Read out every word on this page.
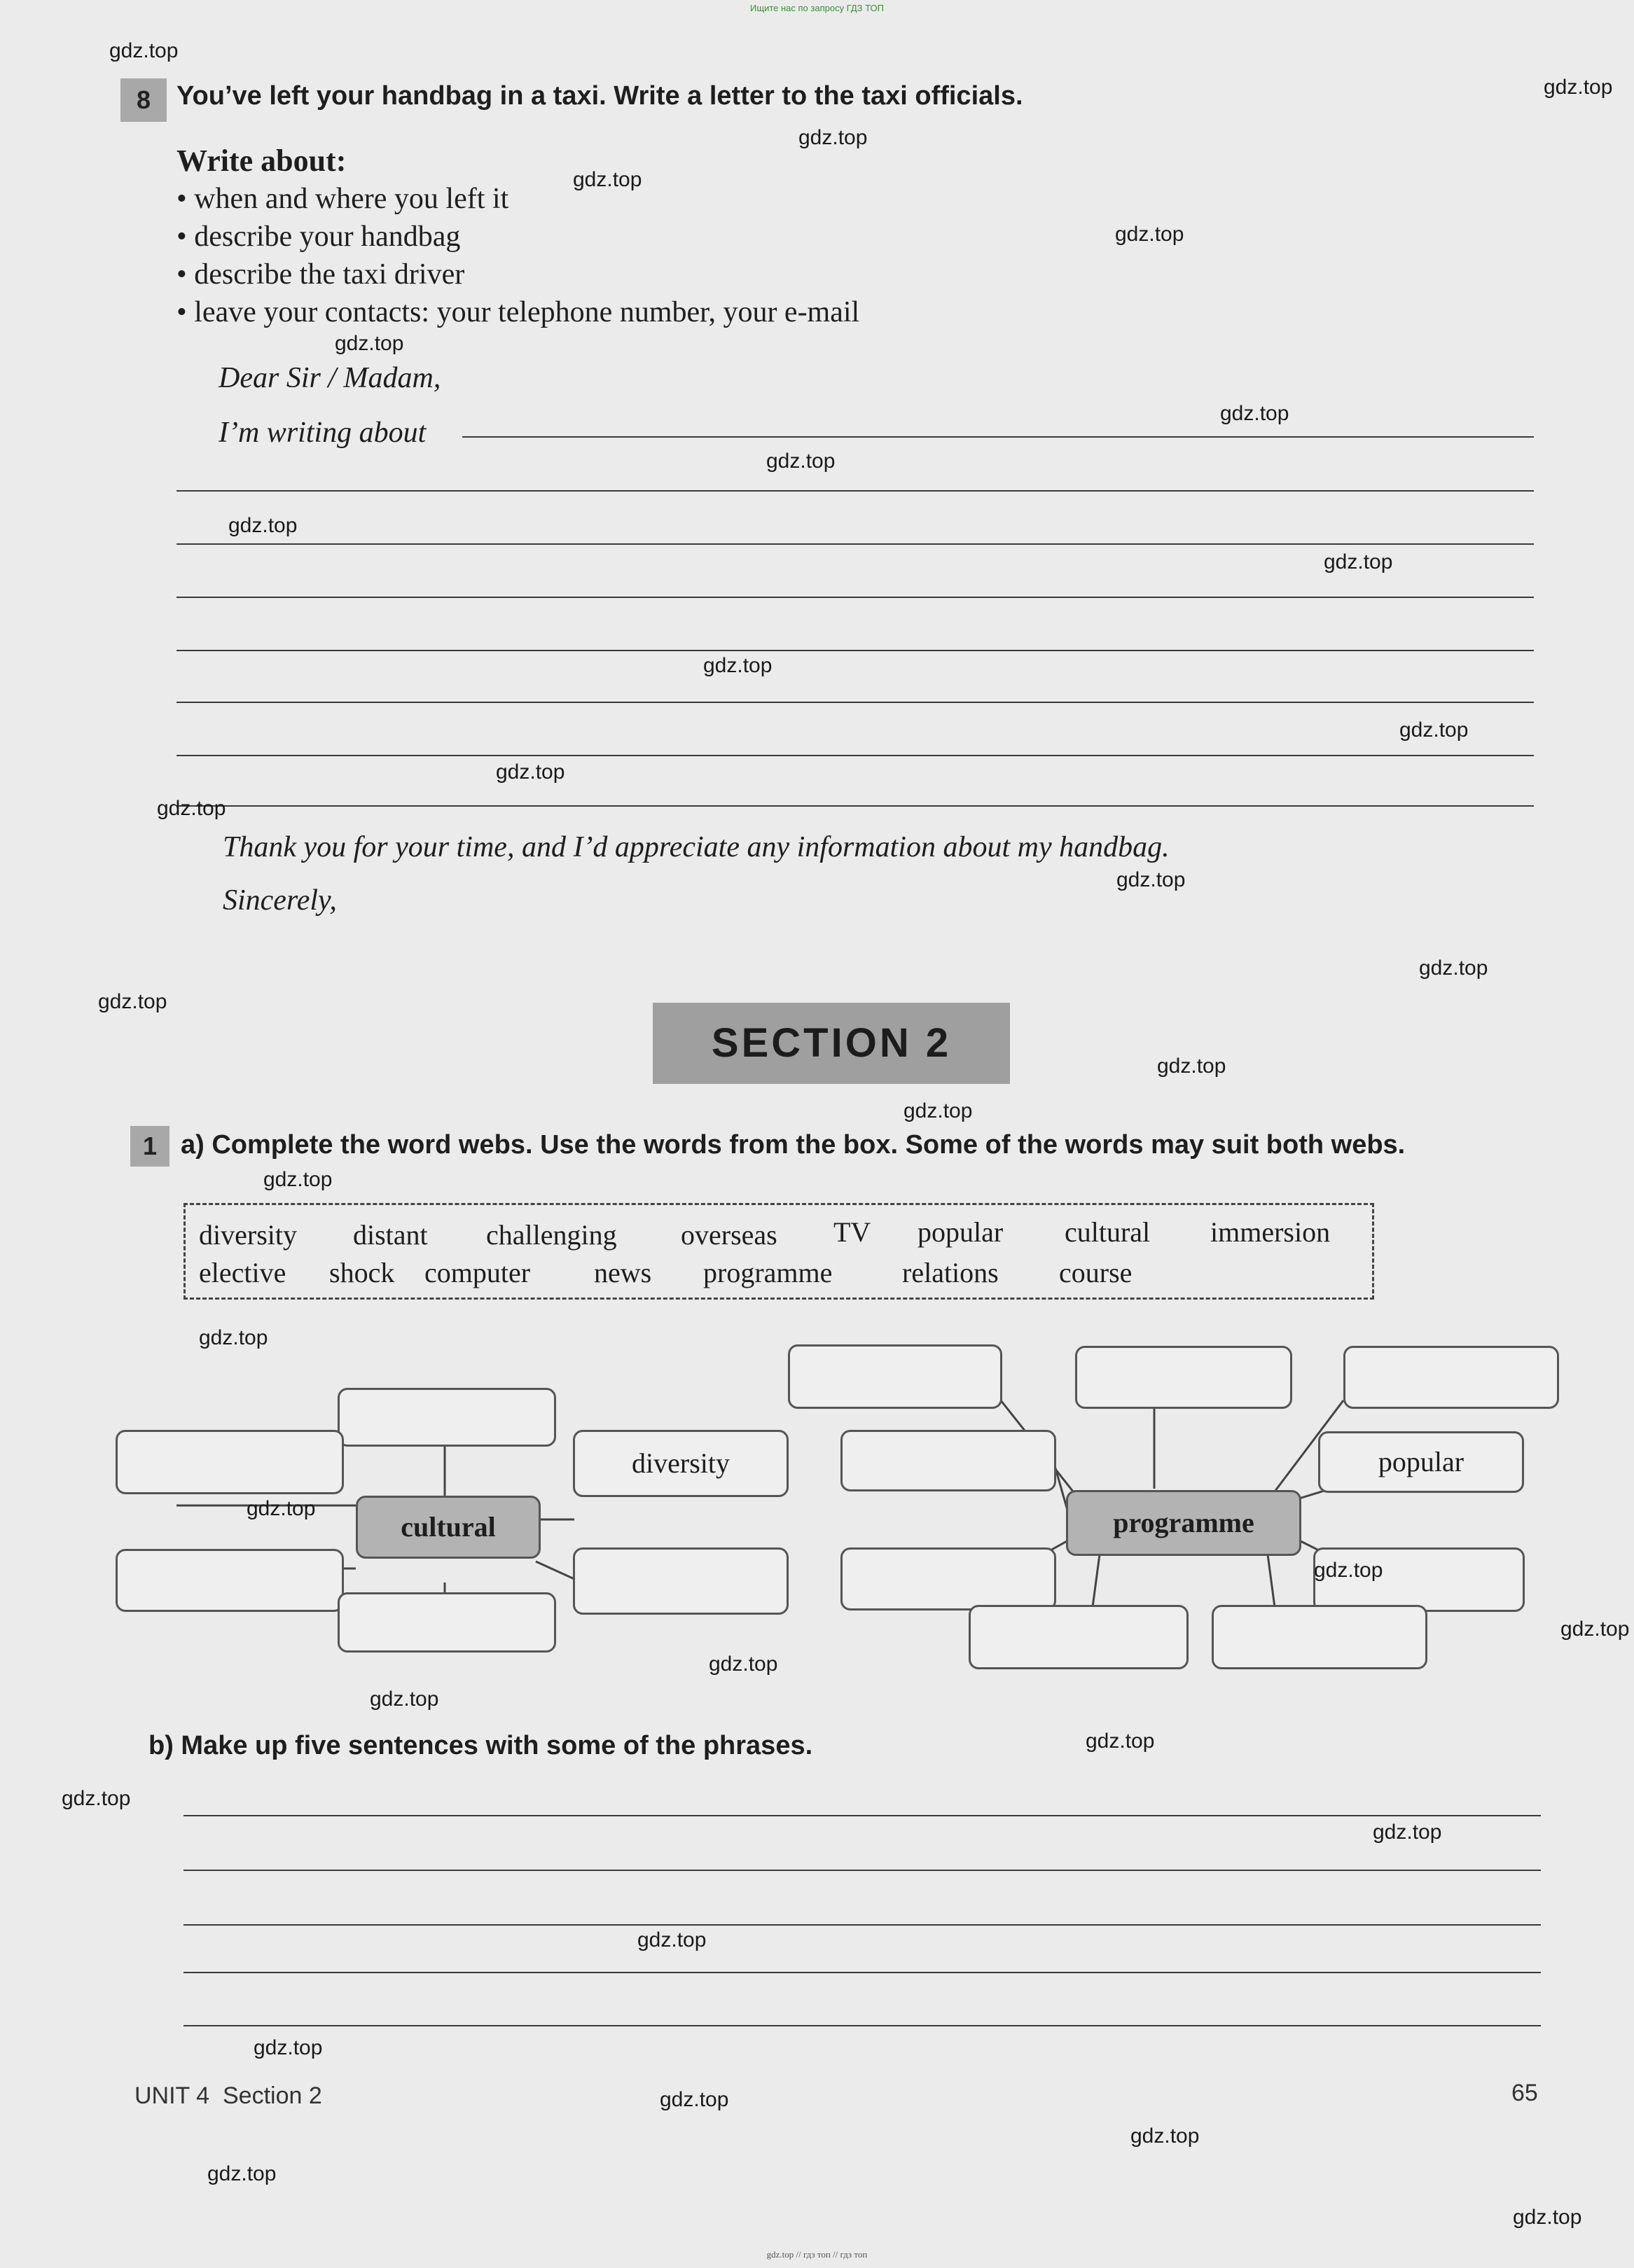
Ищите нас по запросу ГДЗ ТОП
8 You’ve left your handbag in a taxi. Write a letter to the taxi officials.
Write about:
• when and where you left it
• describe your handbag
• describe the taxi driver
• leave your contacts: your telephone number, your e-mail
Dear Sir / Madam,
I’m writing about
Thank you for your time, and I’d appreciate any information about my handbag.
Sincerely,
SECTION 2
1 a) Complete the word webs. Use the words from the box. Some of the words may suit both webs.
diversity distant challenging overseas TV popular cultural immersion
elective shock computer news programme relations course
diversity
cultural
popular
programme
b) Make up five sentences with some of the phrases.
UNIT 4 Section 2	65
gdz.top
gdz.top
gdz.top
gdz.top
gdz.top
gdz.top
gdz.top
gdz.top
gdz.top
gdz.top
gdz.top
gdz.top
gdz.top
gdz.top
gdz.top
gdz.top
gdz.top
gdz.top
gdz.top
gdz.top
gdz.top
gdz.top
gdz.top
gdz.top
gdz.top
gdz.top
gdz.top
gdz.top
gdz.top
gdz.top
gdz.top
gdz.top
gdz.top
gdz.top
gdz.top
gdz.top // гдз топ // гдз топ
